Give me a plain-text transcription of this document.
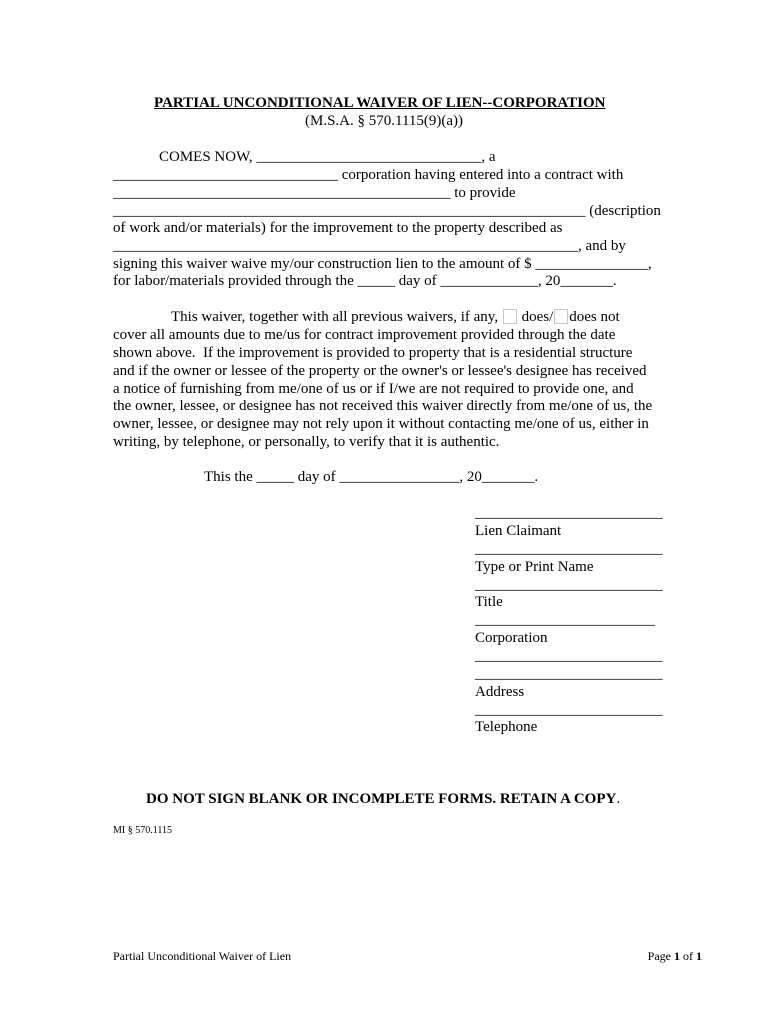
PARTIAL UNCONDITIONAL WAIVER OF LIEN--CORPORATION

(M.S.A. § 570.1115(9)(a))

COMES NOW, ______________________________, a

______________________________ corporation having entered into a contract with

_____________________________________________ to provide

_______________________________________________________________ (description

of work and/or materials) for the improvement to the property described as

______________________________________________________________, and by

signing this waiver waive my/our construction lien to the amount of $ _______________,

for labor/materials provided through the _____ day of _____________, 20_______.

This waiver, together with all previous waivers, if any, does/ does not

cover all amounts due to me/us for contract improvement provided through the date

shown above.  If the improvement is provided to property that is a residential structure

and if the owner or lessee of the property or the owner's or lessee's designee has received

a notice of furnishing from me/one of us or if I/we are not required to provide one, and

the owner, lessee, or designee has not received this waiver directly from me/one of us, the

owner, lessee, or designee may not rely upon it without contacting me/one of us, either in

writing, by telephone, or personally, to verify that it is authentic.

This the _____ day of ________________, 20_______.

_________________________

Lien Claimant

_________________________

Type or Print Name

_________________________

Title

________________________

Corporation

_________________________

_________________________

Address

_________________________

Telephone

DO NOT SIGN BLANK OR INCOMPLETE FORMS. RETAIN A COPY.

MI § 570.1115

Partial Unconditional Waiver of Lien	Page 1 of 1
